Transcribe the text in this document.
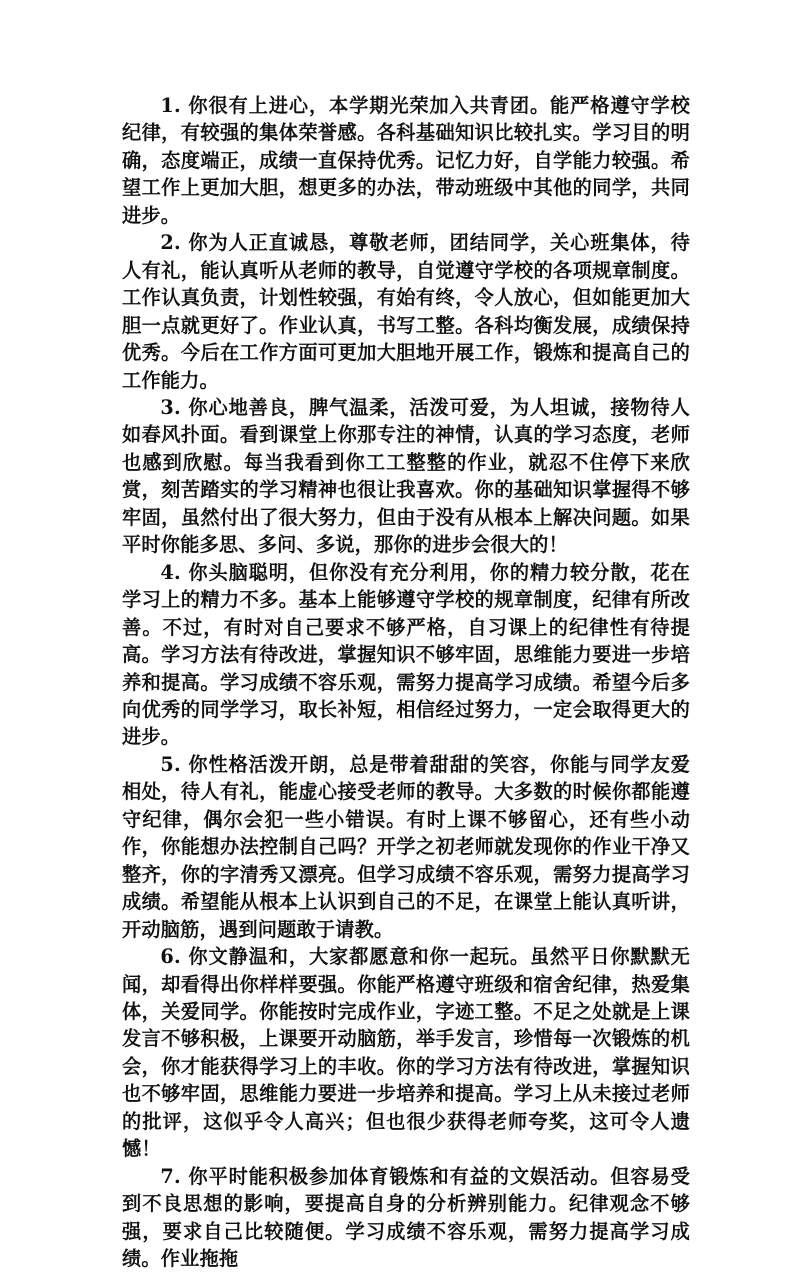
1. 你很有上进心，本学期光荣加入共青团。能严格遵守学校纪律，有较强的集体荣誉感。各科基础知识比较扎实。学习目的明确，态度端正，成绩一直保持优秀。记忆力好，自学能力较强。希望工作上更加大胆，想更多的办法，带动班级中其他的同学，共同进步。

2. 你为人正直诚恳，尊敬老师，团结同学，关心班集体，待人有礼，能认真听从老师的教导，自觉遵守学校的各项规章制度。工作认真负责，计划性较强，有始有终，令人放心，但如能更加大胆一点就更好了。作业认真，书写工整。各科均衡发展，成绩保持优秀。今后在工作方面可更加大胆地开展工作，锻炼和提高自己的工作能力。

3. 你心地善良，脾气温柔，活泼可爱，为人坦诚，接物待人如春风扑面。看到课堂上你那专注的神情，认真的学习态度，老师也感到欣慰。每当我看到你工工整整的作业，就忍不住停下来欣赏，刻苦踏实的学习精神也很让我喜欢。你的基础知识掌握得不够牢固，虽然付出了很大努力，但由于没有从根本上解决问题。如果平时你能多思、多问、多说，那你的进步会很大的！

4. 你头脑聪明，但你没有充分利用，你的精力较分散，花在学习上的精力不多。基本上能够遵守学校的规章制度，纪律有所改善。不过，有时对自己要求不够严格，自习课上的纪律性有待提高。学习方法有待改进，掌握知识不够牢固，思维能力要进一步培养和提高。学习成绩不容乐观，需努力提高学习成绩。希望今后多向优秀的同学学习，取长补短，相信经过努力，一定会取得更大的进步。

5. 你性格活泼开朗，总是带着甜甜的笑容，你能与同学友爱相处，待人有礼，能虚心接受老师的教导。大多数的时候你都能遵守纪律，偶尔会犯一些小错误。有时上课不够留心，还有些小动作，你能想办法控制自己吗？开学之初老师就发现你的作业干净又整齐，你的字清秀又漂亮。但学习成绩不容乐观，需努力提高学习成绩。希望能从根本上认识到自己的不足，在课堂上能认真听讲，开动脑筋，遇到问题敢于请教。

6. 你文静温和，大家都愿意和你一起玩。虽然平日你默默无闻，却看得出你样样要强。你能严格遵守班级和宿舍纪律，热爱集体，关爱同学。你能按时完成作业，字迹工整。不足之处就是上课发言不够积极，上课要开动脑筋，举手发言，珍惜每一次锻炼的机会，你才能获得学习上的丰收。你的学习方法有待改进，掌握知识也不够牢固，思维能力要进一步培养和提高。学习上从未接过老师的批评，这似乎令人高兴；但也很少获得老师夸奖，这可令人遗憾！

7. 你平时能积极参加体育锻炼和有益的文娱活动。但容易受到不良思想的影响，要提高自身的分析辨别能力。纪律观念不够强，要求自己比较随便。学习成绩不容乐观，需努力提高学习成绩。作业拖拖
